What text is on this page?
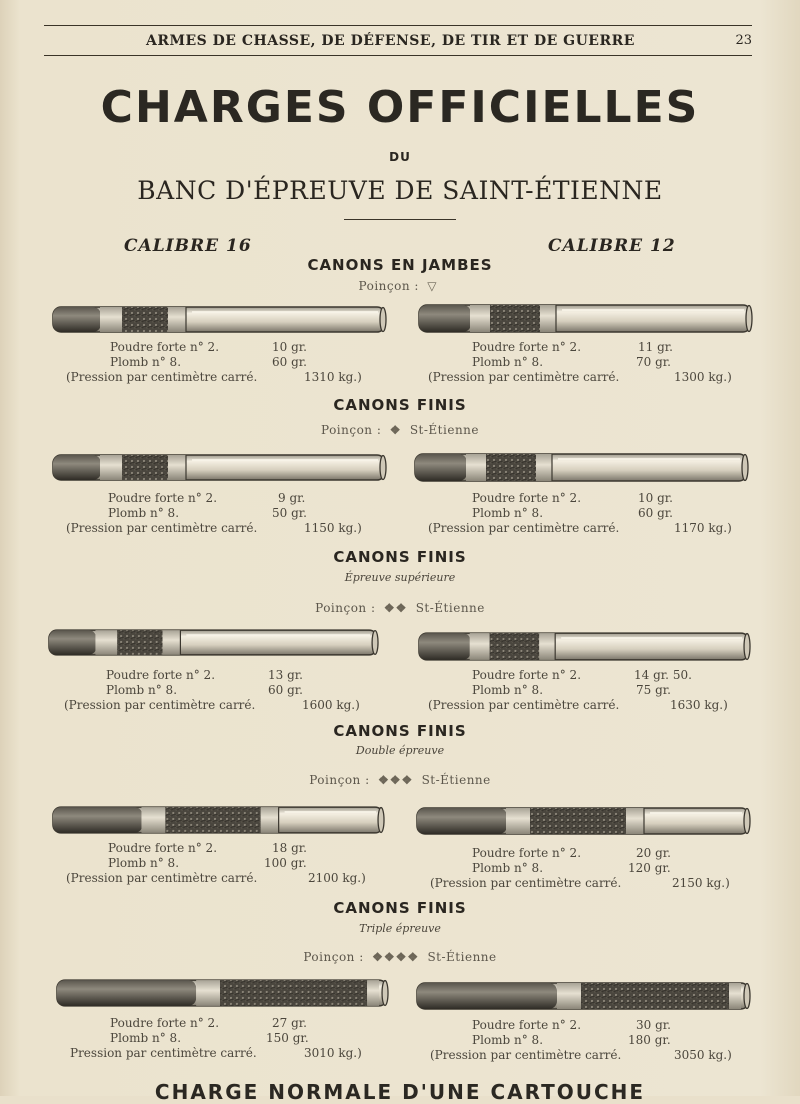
ARMES DE CHASSE, DE DÉFENSE, DE TIR ET DE GUERRE	23
CHARGES OFFICIELLES
DU
BANC D'ÉPREUVE DE SAINT-ÉTIENNE
CALIBRE 16	CALIBRE 12
CANONS EN JAMBES
Poinçon : ▽
Poudre forte n° 2.	10 gr.
Plomb n° 8.	60 gr.
(Pression par centimètre carré.	1310 kg.)
Poudre forte n° 2.	11 gr.
Plomb n° 8.	70 gr.
(Pression par centimètre carré.	1300 kg.)
CANONS FINIS
Poinçon : ❖ St-Étienne
Poudre forte n° 2.	9 gr.
Plomb n° 8.	50 gr.
(Pression par centimètre carré.	1150 kg.)
Poudre forte n° 2.	10 gr.
Plomb n° 8.	60 gr.
(Pression par centimètre carré.	1170 kg.)
CANONS FINIS
Épreuve supérieure
Poinçon : ❖❖ St-Étienne
Poudre forte n° 2.	13 gr.
Plomb n° 8.	60 gr.
(Pression par centimètre carré.	1600 kg.)
Poudre forte n° 2.	14 gr. 50.
Plomb n° 8.	75 gr.
(Pression par centimètre carré.	1630 kg.)
CANONS FINIS
Double épreuve
Poinçon : ❖❖❖ St-Étienne
Poudre forte n° 2.	18 gr.
Plomb n° 8.	100 gr.
(Pression par centimètre carré.	2100 kg.)
Poudre forte n° 2.	20 gr.
Plomb n° 8.	120 gr.
(Pression par centimètre carré.	2150 kg.)
CANONS FINIS
Triple épreuve
Poinçon : ❖❖❖❖ St-Étienne
Poudre forte n° 2.	27 gr.
Plomb n° 8.	150 gr.
Pression par centimètre carré.	3010 kg.)
Poudre forte n° 2.	30 gr.
Plomb n° 8.	180 gr.
(Pression par centimètre carré.	3050 kg.)
CHARGE NORMALE D'UNE CARTOUCHE
